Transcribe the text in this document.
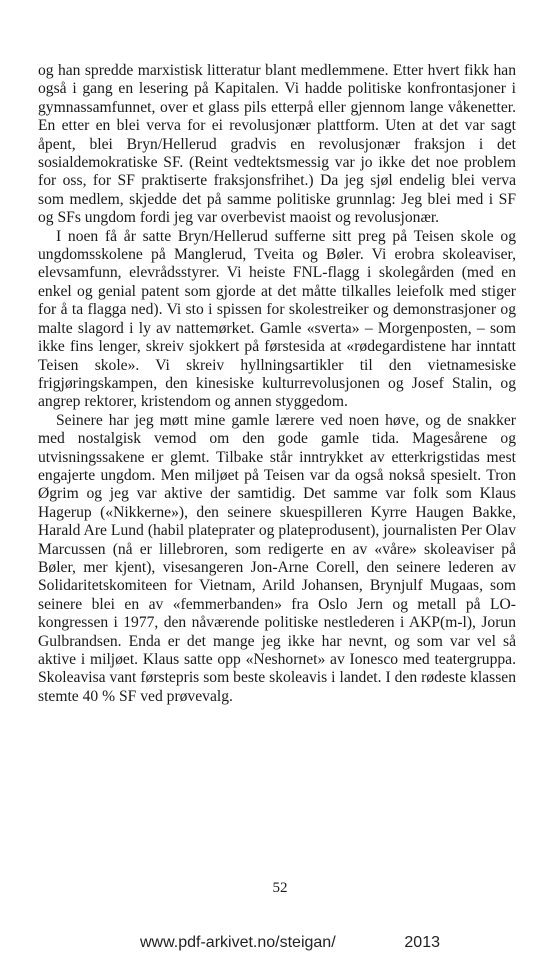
og han spredde marxistisk litteratur blant medlemmene. Etter hvert fikk han også i gang en lesering på Kapitalen. Vi hadde politiske konfrontasjoner i gymnassamfunnet, over et glass pils etterpå eller gjennom lange våkenetter. En etter en blei verva for ei revolusjonær plattform. Uten at det var sagt åpent, blei Bryn/Hellerud gradvis en revolusjonær fraksjon i det sosialdemokratiske SF. (Reint vedtektsmessig var jo ikke det noe problem for oss, for SF praktiserte fraksjonsfrihet.) Da jeg sjøl endelig blei verva som medlem, skjedde det på samme politiske grunnlag: Jeg blei med i SF og SFs ungdom fordi jeg var overbevist maoist og revolusjonær.

I noen få år satte Bryn/Hellerud sufferne sitt preg på Teisen skole og ungdomsskolene på Manglerud, Tveita og Bøler. Vi erobra skoleaviser, elevsamfunn, elevrådsstyrer. Vi heiste FNL-flagg i skolegården (med en enkel og genial patent som gjorde at det måtte tilkalles leiefolk med stiger for å ta flagga ned). Vi sto i spissen for skolestreiker og demonstrasjoner og malte slagord i ly av nattemørket. Gamle «sverta» – Morgenposten, – som ikke fins lenger, skreiv sjokkert på førstesida at «rødegardistene har inntatt Teisen skole». Vi skreiv hyllningsartikler til den vietnamesiske frigjøringskampen, den kinesiske kulturrevolusjonen og Josef Stalin, og angrep rektorer, kristendom og annen styggedom.

Seinere har jeg møtt mine gamle lærere ved noen høve, og de snakker med nostalgisk vemod om den gode gamle tida. Magesårene og utvisningssakene er glemt. Tilbake står inntrykket av etterkrigstidas mest engajerte ungdom. Men miljøet på Teisen var da også nokså spesielt. Tron Øgrim og jeg var aktive der samtidig. Det samme var folk som Klaus Hagerup («Nikkerne»), den seinere skuespilleren Kyrre Haugen Bakke, Harald Are Lund (habil plateprater og plateprodusent), journalisten Per Olav Marcussen (nå er lillebroren, som redigerte en av «våre» skoleaviser på Bøler, mer kjent), visesangeren Jon-Arne Corell, den seinere lederen av Solidaritetskomiteen for Vietnam, Arild Johansen, Brynjulf Mugaas, som seinere blei en av «femmerbanden» fra Oslo Jern og metall på LO-kongressen i 1977, den nåværende politiske nestlederen i AKP(m-l), Jorun Gulbrandsen. Enda er det mange jeg ikke har nevnt, og som var vel så aktive i miljøet. Klaus satte opp «Neshornet» av Ionesco med teatergruppa. Skoleavisa vant førstepris som beste skoleavis i landet. I den rødeste klassen stemte 40 % SF ved prøvevalg.

52
www.pdf-arkivet.no/steigan/	2013
